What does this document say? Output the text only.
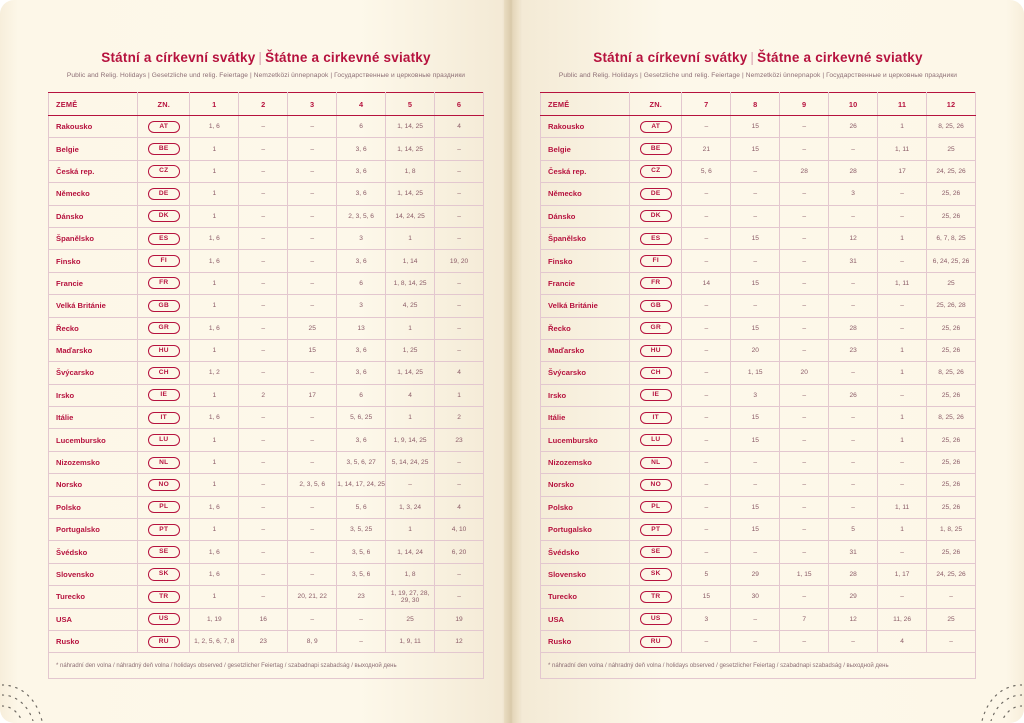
Státní a církevní svátky | Štátne a cirkevné sviatky
Public and Relig. Holidays | Gesetzliche und relig. Feiertage | Nemzetközi ünnepnapok | Государственные и церковные праздники
ZEMĚ	ZN.	1	2	3	4	5	6
Rakousko	AT	1, 6	–	–	6	1, 14, 25	4
Belgie	BE	1	–	–	3, 6	1, 14, 25	–
Česká rep.	CZ	1	–	–	3, 6	1, 8	–
Německo	DE	1	–	–	3, 6	1, 14, 25	–
Dánsko	DK	1	–	–	2, 3, 5, 6	14, 24, 25	–
Španělsko	ES	1, 6	–	–	3	1	–
Finsko	FI	1, 6	–	–	3, 6	1, 14	19, 20
Francie	FR	1	–	–	6	1, 8, 14, 25	–
Velká Británie	GB	1	–	–	3	4, 25	–
Řecko	GR	1, 6	–	25	13	1	–
Maďarsko	HU	1	–	15	3, 6	1, 25	–
Švýcarsko	CH	1, 2	–	–	3, 6	1, 14, 25	4
Irsko	IE	1	2	17	6	4	1
Itálie	IT	1, 6	–	–	5, 6, 25	1	2
Lucembursko	LU	1	–	–	3, 6	1, 9, 14, 25	23
Nizozemsko	NL	1	–	–	3, 5, 6, 27	5, 14, 24, 25	–
Norsko	NO	1	–	2, 3, 5, 6	1, 14, 17, 24, 25	–	–
Polsko	PL	1, 6	–	–	5, 6	1, 3, 24	4
Portugalsko	PT	1	–	–	3, 5, 25	1	4, 10
Švédsko	SE	1, 6	–	–	3, 5, 6	1, 14, 24	6, 20
Slovensko	SK	1, 6	–	–	3, 5, 6	1, 8	–
Turecko	TR	1	–	20, 21, 22	23	1, 19, 27, 28, 29, 30	–
USA	US	1, 19	16	–	–	25	19
Rusko	RU	1, 2, 5, 6, 7, 8	23	8, 9	–	1, 9, 11	12
* náhradní den volna / náhradný deň volna / holidays observed / gesetzlicher Feiertag / szabadnapi szabadság / выходной день							
Státní a církevní svátky | Štátne a cirkevné sviatky
Public and Relig. Holidays | Gesetzliche und relig. Feiertage | Nemzetközi ünnepnapok | Государственные и церковные праздники
ZEMĚ	ZN.	7	8	9	10	11	12
Rakousko	AT	–	15	–	26	1	8, 25, 26
Belgie	BE	21	15	–	–	1, 11	25
Česká rep.	CZ	5, 6	–	28	28	17	24, 25, 26
Německo	DE	–	–	–	3	–	25, 26
Dánsko	DK	–	–	–	–	–	25, 26
Španělsko	ES	–	15	–	12	1	6, 7, 8, 25
Finsko	FI	–	–	–	31	–	6, 24, 25, 26
Francie	FR	14	15	–	–	1, 11	25
Velká Británie	GB	–	–	–	–	–	25, 26, 28
Řecko	GR	–	15	–	28	–	25, 26
Maďarsko	HU	–	20	–	23	1	25, 26
Švýcarsko	CH	–	1, 15	20	–	1	8, 25, 26
Irsko	IE	–	3	–	26	–	25, 26
Itálie	IT	–	15	–	–	1	8, 25, 26
Lucembursko	LU	–	15	–	–	1	25, 26
Nizozemsko	NL	–	–	–	–	–	25, 26
Norsko	NO	–	–	–	–	–	25, 26
Polsko	PL	–	15	–	–	1, 11	25, 26
Portugalsko	PT	–	15	–	5	1	1, 8, 25
Švédsko	SE	–	–	–	31	–	25, 26
Slovensko	SK	5	29	1, 15	28	1, 17	24, 25, 26
Turecko	TR	15	30	–	29	–	–
USA	US	3	–	7	12	11, 26	25
Rusko	RU	–	–	–	–	4	–
* náhradní den volna / náhradný deň volna / holidays observed / gesetzlicher Feiertag / szabadnapi szabadság / выходной день							
